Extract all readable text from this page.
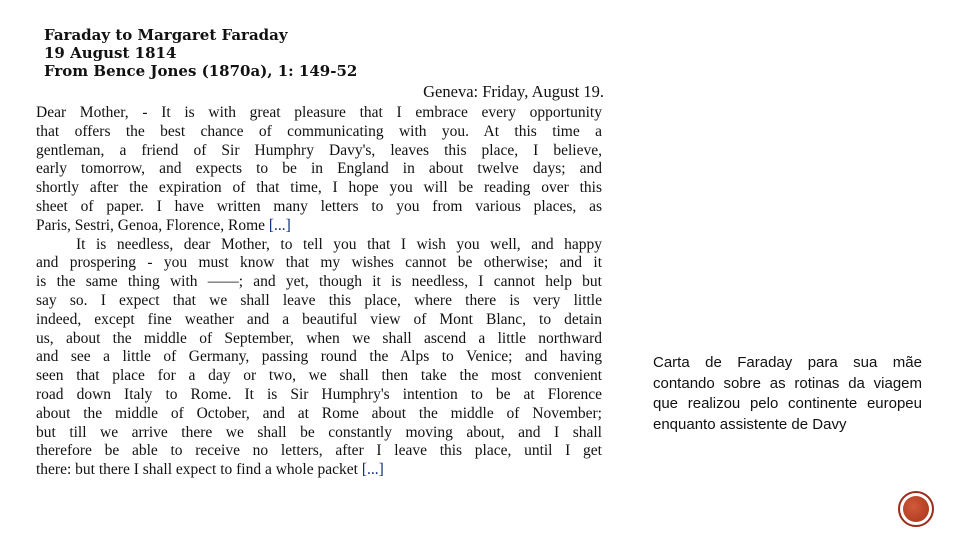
Faraday to Margaret Faraday
19 August 1814
From Bence Jones (1870a), 1: 149-52
Geneva: Friday, August 19.
Dear Mother, - It is with great pleasure that I embrace every opportunity
that offers the best chance of communicating with you. At this time a
gentleman, a friend of Sir Humphry Davy's, leaves this place, I believe,
early tomorrow, and expects to be in England in about twelve days; and
shortly after the expiration of that time, I hope you will be reading over this
sheet of paper. I have written many letters to you from various places, as
Paris, Sestri, Genoa, Florence, Rome [...]
It is needless, dear Mother, to tell you that I wish you well, and happy
and prospering - you must know that my wishes cannot be otherwise; and it
is the same thing with ——; and yet, though it is needless, I cannot help but
say so. I expect that we shall leave this place, where there is very little
indeed, except fine weather and a beautiful view of Mont Blanc, to detain
us, about the middle of September, when we shall ascend a little northward
and see a little of Germany, passing round the Alps to Venice; and having
seen that place for a day or two, we shall then take the most convenient
road down Italy to Rome. It is Sir Humphry's intention to be at Florence
about the middle of October, and at Rome about the middle of November;
but till we arrive there we shall be constantly moving about, and I shall
therefore be able to receive no letters, after I leave this place, until I get
there: but there I shall expect to find a whole packet [...]
Carta de Faraday para sua mãe contando sobre as rotinas da viagem que realizou pelo continente europeu enquanto assistente de Davy
